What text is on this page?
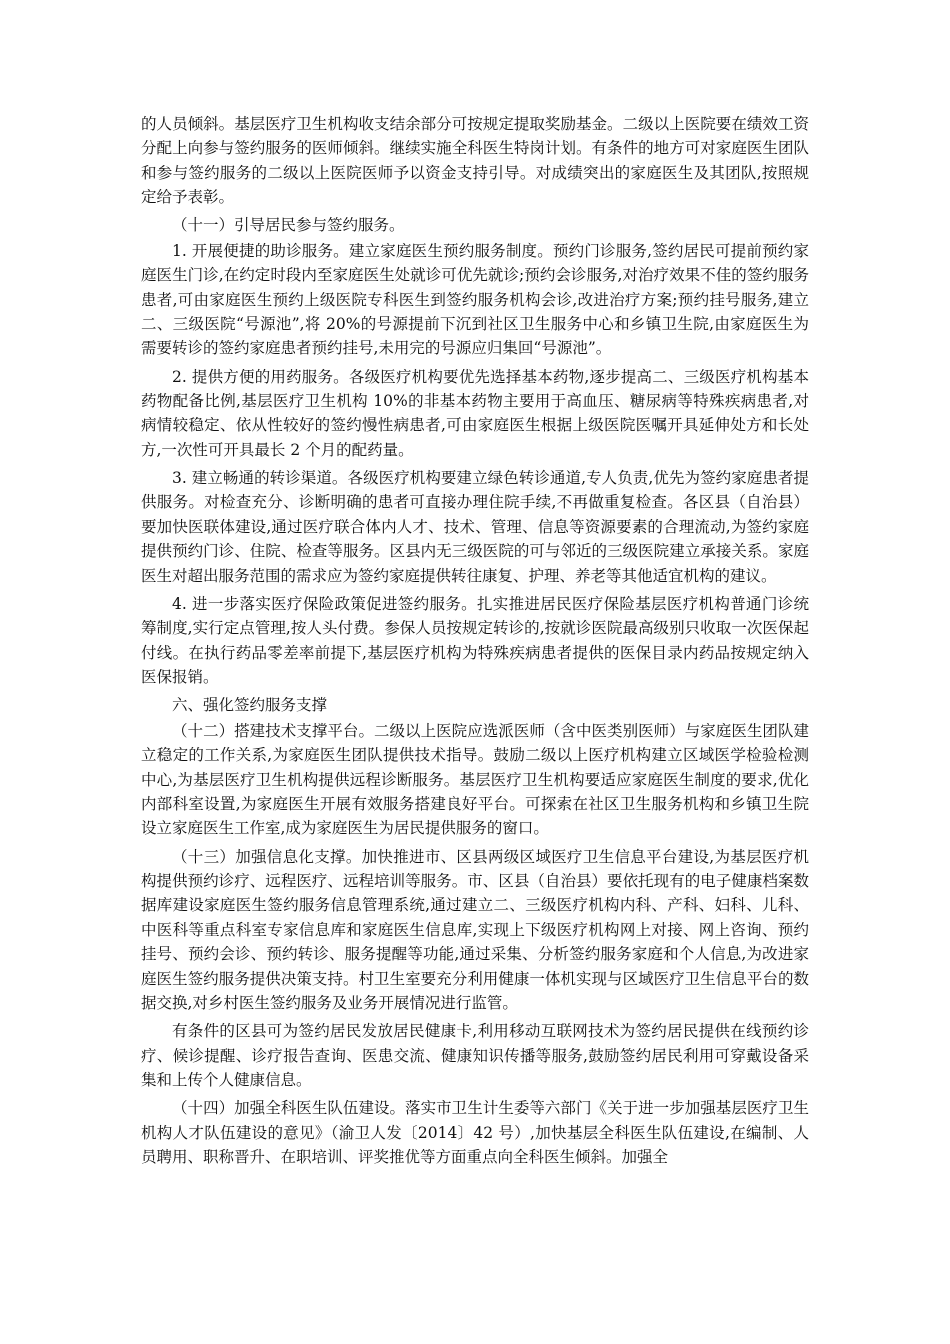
的人员倾斜。基层医疗卫生机构收支结余部分可按规定提取奖励基金。二级以上医院要在绩效工资分配上向参与签约服务的医师倾斜。继续实施全科医生特岗计划。有条件的地方可对家庭医生团队和参与签约服务的二级以上医院医师予以资金支持引导。对成绩突出的家庭医生及其团队,按照规定给予表彰。

（十一）引导居民参与签约服务。

1. 开展便捷的助诊服务。建立家庭医生预约服务制度。预约门诊服务,签约居民可提前预约家庭医生门诊,在约定时段内至家庭医生处就诊可优先就诊;预约会诊服务,对治疗效果不佳的签约服务患者,可由家庭医生预约上级医院专科医生到签约服务机构会诊,改进治疗方案;预约挂号服务,建立二、三级医院“号源池”,将 20%的号源提前下沉到社区卫生服务中心和乡镇卫生院,由家庭医生为需要转诊的签约家庭患者预约挂号,未用完的号源应归集回“号源池”。

2. 提供方便的用药服务。各级医疗机构要优先选择基本药物,逐步提高二、三级医疗机构基本药物配备比例,基层医疗卫生机构 10%的非基本药物主要用于高血压、糖尿病等特殊疾病患者,对病情较稳定、依从性较好的签约慢性病患者,可由家庭医生根据上级医院医嘱开具延伸处方和长处方,一次性可开具最长 2 个月的配药量。

3. 建立畅通的转诊渠道。各级医疗机构要建立绿色转诊通道,专人负责,优先为签约家庭患者提供服务。对检查充分、诊断明确的患者可直接办理住院手续,不再做重复检查。各区县（自治县）要加快医联体建设,通过医疗联合体内人才、技术、管理、信息等资源要素的合理流动,为签约家庭提供预约门诊、住院、检查等服务。区县内无三级医院的可与邻近的三级医院建立承接关系。家庭医生对超出服务范围的需求应为签约家庭提供转往康复、护理、养老等其他适宜机构的建议。

4. 进一步落实医疗保险政策促进签约服务。扎实推进居民医疗保险基层医疗机构普通门诊统筹制度,实行定点管理,按人头付费。参保人员按规定转诊的,按就诊医院最高级别只收取一次医保起付线。在执行药品零差率前提下,基层医疗机构为特殊疾病患者提供的医保目录内药品按规定纳入医保报销。

六、强化签约服务支撑

（十二）搭建技术支撑平台。二级以上医院应选派医师（含中医类别医师）与家庭医生团队建立稳定的工作关系,为家庭医生团队提供技术指导。鼓励二级以上医疗机构建立区域医学检验检测中心,为基层医疗卫生机构提供远程诊断服务。基层医疗卫生机构要适应家庭医生制度的要求,优化内部科室设置,为家庭医生开展有效服务搭建良好平台。可探索在社区卫生服务机构和乡镇卫生院设立家庭医生工作室,成为家庭医生为居民提供服务的窗口。

（十三）加强信息化支撑。加快推进市、区县两级区域医疗卫生信息平台建设,为基层医疗机构提供预约诊疗、远程医疗、远程培训等服务。市、区县（自治县）要依托现有的电子健康档案数据库建设家庭医生签约服务信息管理系统,通过建立二、三级医疗机构内科、产科、妇科、儿科、中医科等重点科室专家信息库和家庭医生信息库,实现上下级医疗机构网上对接、网上咨询、预约挂号、预约会诊、预约转诊、服务提醒等功能,通过采集、分析签约服务家庭和个人信息,为改进家庭医生签约服务提供决策支持。村卫生室要充分利用健康一体机实现与区域医疗卫生信息平台的数据交换,对乡村医生签约服务及业务开展情况进行监管。

有条件的区县可为签约居民发放居民健康卡,利用移动互联网技术为签约居民提供在线预约诊疗、候诊提醒、诊疗报告查询、医患交流、健康知识传播等服务,鼓励签约居民利用可穿戴设备采集和上传个人健康信息。

（十四）加强全科医生队伍建设。落实市卫生计生委等六部门《关于进一步加强基层医疗卫生机构人才队伍建设的意见》（渝卫人发〔2014〕42 号）,加快基层全科医生队伍建设,在编制、人员聘用、职称晋升、在职培训、评奖推优等方面重点向全科医生倾斜。加强全
